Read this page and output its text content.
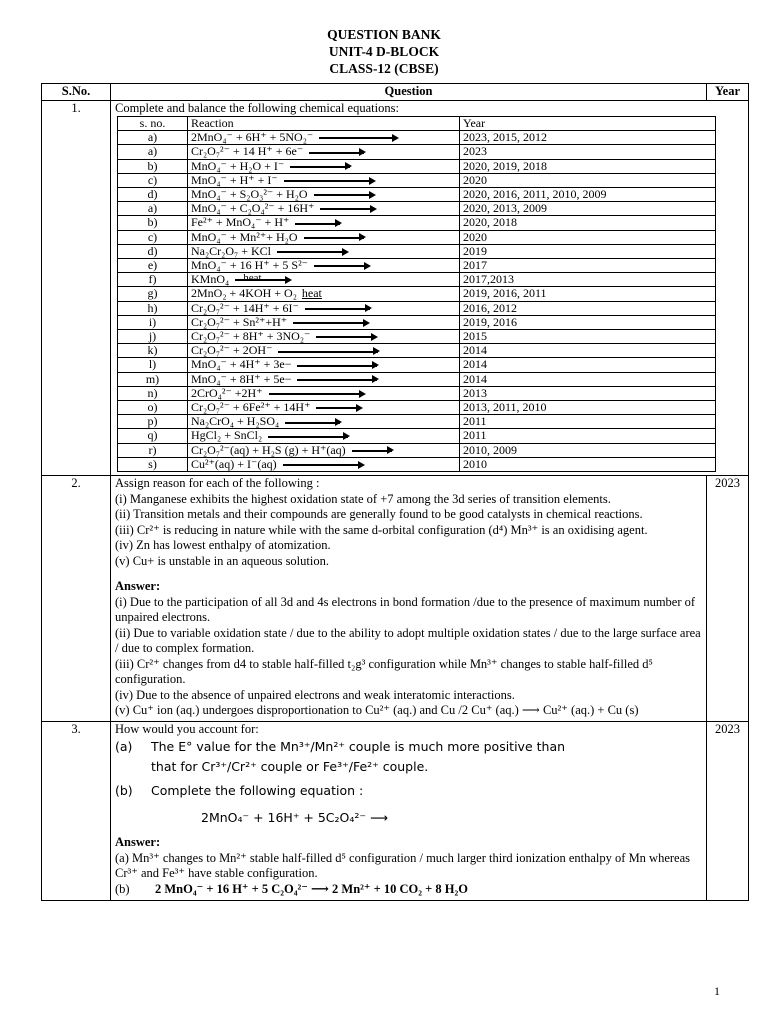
QUESTION BANK
UNIT-4 D-BLOCK
CLASS-12 (CBSE)
S.No.	Question	Year
1.	Complete and balance the following chemical equations:

s. no.	Reaction	Year
a)	2MnO₄⁻ + 6H⁺ + 5NO₂⁻	2023, 2015, 2012
a)	Cr₂O₇²⁻ + 14 H⁺ + 6e⁻	2023
b)	MnO₄⁻ + H₂O + I⁻	2020, 2019, 2018
c)	MnO₄⁻ + H⁺ + I⁻	2020
d)	MnO₄⁻ + S₂O₃²⁻ + H₂O	2020, 2016, 2011, 2010, 2009
a)	MnO₄⁻ + C₂O₄²⁻ + 16H⁺	2020, 2013, 2009
b)	Fe²⁺ + MnO₄⁻ + H⁺ →	2020, 2018
c)	MnO₄⁻ + Mn²⁺+ H₂O	2020
d)	Na₂Cr₂O₇ + KCl	2019
e)	MnO₄⁻ + 16 H⁺ + 5 S²⁻	2017
f)	KMnO₄ heat	2017,2013
g)	2MnO₂ + 4KOH + O₂ heat	2019, 2016, 2011
h)	Cr₂O₇²⁻ + 14H⁺ + 6I⁻	2016, 2012
i)	Cr₂O₇²⁻ + Sn²⁺+H⁺	2019, 2016
j)	Cr₂O₇²⁻ + 8H⁺ + 3NO₂⁻	2015
k)	Cr₂O₇²⁻ + 2OH⁻	2014
l)	MnO₄⁻ + 4H⁺ + 3e−	2014
m)	MnO₄⁻ + 8H⁺ + 5e−	2014
n)	2CrO₄²⁻ +2H⁺	2013
o)	Cr₂O₇²⁻ + 6Fe²⁺ + 14H⁺ →	2013, 2011, 2010
p)	Na₂CrO₄ + H₂SO₄	2011
q)	HgCl₂ + SnCl₂	2011
r)	Cr₂O₇²⁻(aq) + H₂S (g) + H⁺(aq) →	2010, 2009
s)	Cu²⁺(aq) + I⁻(aq)	2010

2.	Assign reason for each of the following :

(i) Manganese exhibits the highest oxidation state of +7 among the 3d series of transition elements.

(ii) Transition metals and their compounds are generally found to be good catalysts in chemical reactions.

(iii) Cr²⁺ is reducing in nature while with the same d-orbital configuration (d⁴) Mn³⁺ is an oxidising agent.

(iv) Zn has lowest enthalpy of atomization.

(v) Cu+ is unstable in an aqueous solution.

Answer:

(i) Due to the participation of all 3d and 4s electrons in bond formation /due to the presence of maximum number of unpaired electrons.

(ii) Due to variable oxidation state / due to the ability to adopt multiple oxidation states / due to the large surface area / due to complex formation.

(iii) Cr²⁺ changes from d4 to stable half-filled t₂g³ configuration while Mn³⁺ changes to stable half-filled d⁵ configuration.

(iv) Due to the absence of unpaired electrons and weak interatomic interactions.

(v) Cu⁺ ion (aq.) undergoes disproportionation to Cu²⁺ (aq.) and Cu /2 Cu⁺ (aq.) ⟶ Cu²⁺ (aq.) + Cu (s)

	2023
3.	How would you account for:

(a) The E° value for the Mn³⁺/Mn²⁺ couple is much more positive than

that for Cr³⁺/Cr²⁺ couple or Fe³⁺/Fe²⁺ couple.

(b) Complete the following equation :

2MnO₄⁻ + 16H⁺ + 5C₂O₄²⁻ ⟶

Answer:

(a) Mn³⁺ changes to Mn²⁺ stable half-filled d⁵ configuration / much larger third ionization enthalpy of Mn whereas Cr³⁺ and Fe³⁺ have stable configuration.

(b) 2 MnO₄⁻ + 16 H⁺ + 5 C₂O₄²⁻ ⟶ 2 Mn²⁺ + 10 CO₂ + 8 H₂O

	2023
1
